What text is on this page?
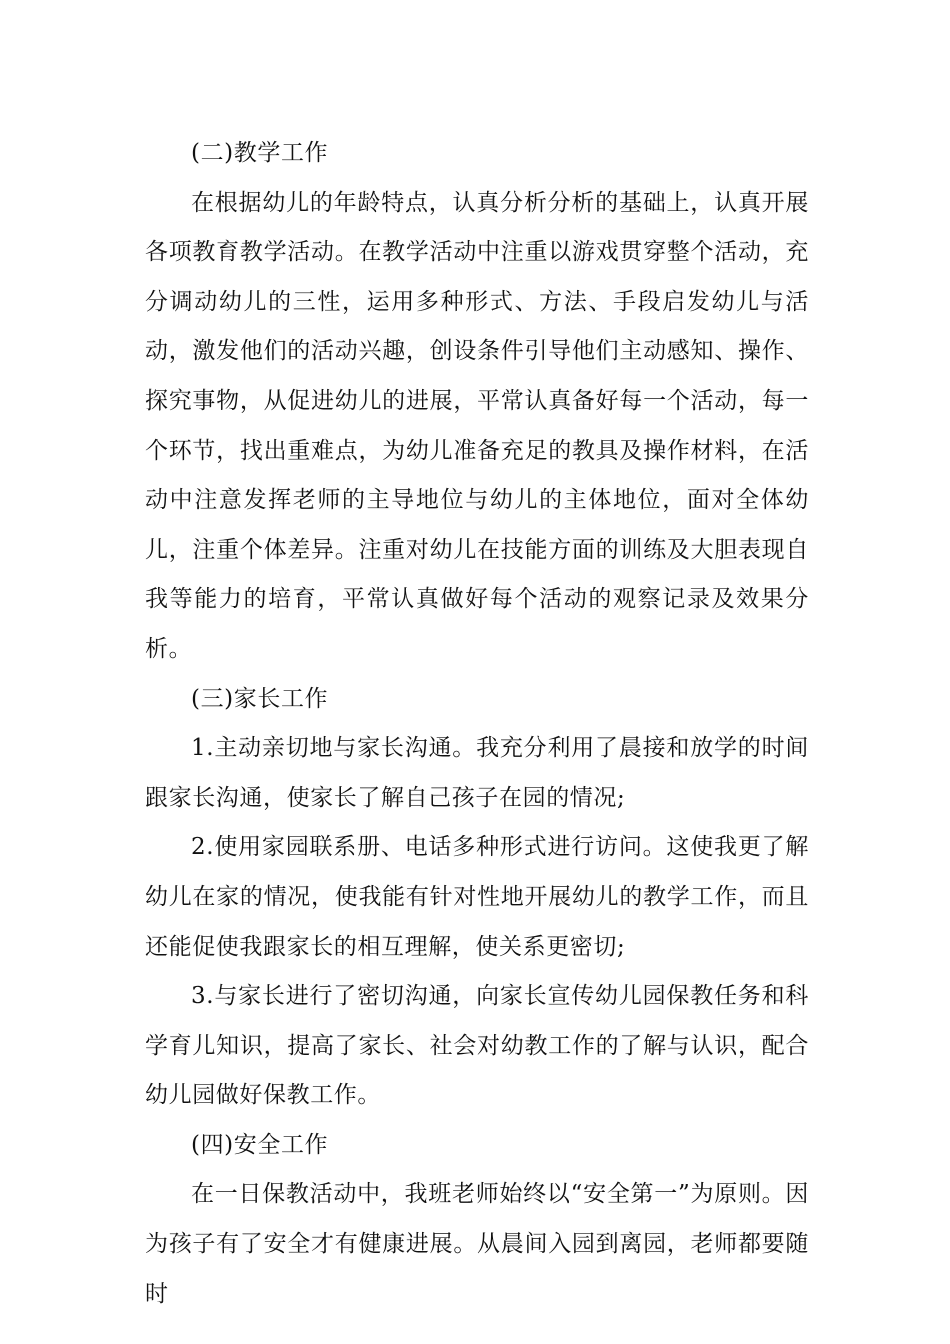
(二)教学工作

在根据幼儿的年龄特点，认真分析分析的基础上，认真开展各项教育教学活动。在教学活动中注重以游戏贯穿整个活动，充分调动幼儿的三性，运用多种形式、方法、手段启发幼儿与活动，激发他们的活动兴趣，创设条件引导他们主动感知、操作、探究事物，从促进幼儿的进展，平常认真备好每一个活动，每一个环节，找出重难点，为幼儿准备充足的教具及操作材料，在活动中注意发挥老师的主导地位与幼儿的主体地位，面对全体幼儿，注重个体差异。注重对幼儿在技能方面的训练及大胆表现自我等能力的培育，平常认真做好每个活动的观察记录及效果分析。

(三)家长工作

1.主动亲切地与家长沟通。我充分利用了晨接和放学的时间跟家长沟通，使家长了解自己孩子在园的情况;

2.使用家园联系册、电话多种形式进行访问。这使我更了解幼儿在家的情况，使我能有针对性地开展幼儿的教学工作，而且还能促使我跟家长的相互理解，使关系更密切;

3.与家长进行了密切沟通，向家长宣传幼儿园保教任务和科学育儿知识，提高了家长、社会对幼教工作的了解与认识，配合幼儿园做好保教工作。

(四)安全工作

在一日保教活动中，我班老师始终以“安全第一”为原则。因为孩子有了安全才有健康进展。从晨间入园到离园，老师都要随时
